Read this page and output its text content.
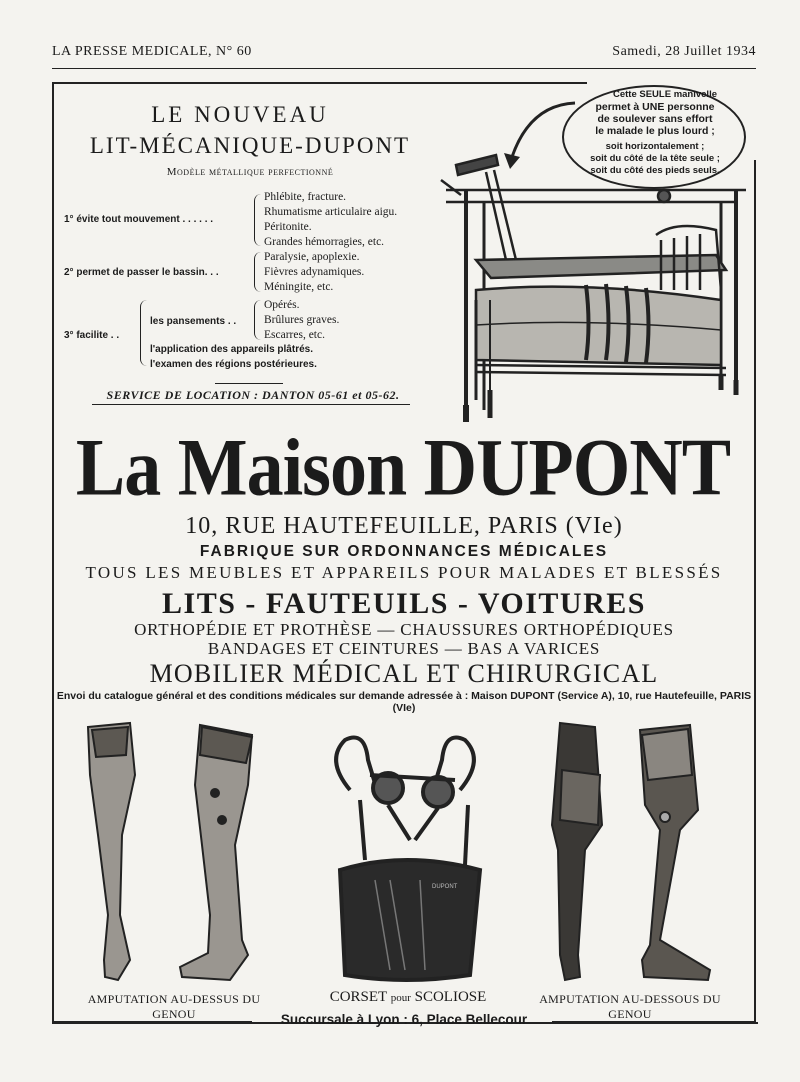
LA PRESSE MEDICALE, N° 60	Samedi, 28 Juillet 1934
LE NOUVEAU
LIT-MÉCANIQUE-DUPONT
Modèle métallique perfectionné
1° évite tout mouvement . . . . . .
Phlébite, fracture.
Rhumatisme articulaire aigu.
Péritonite.
Grandes hémorragies, etc.
2° permet de passer le bassin. . .
Paralysie, apoplexie.
Fièvres adynamiques.
Méningite, etc.
3° facilite . .
les pansements . .
Opérés.
Brûlures graves.
Escarres, etc.
l'application des appareils plâtrés.
l'examen des régions postérieures.
SERVICE DE LOCATION : DANTON 05-61 et 05-62.
Cette SEULE manivelle
permet à UNE personne
de soulever sans effort
le malade le plus lourd ;
soit horizontalement ;
soit du côté de la tête seule ;
soit du côté des pieds seuls.
La Maison DUPONT
10, RUE HAUTEFEUILLE, PARIS (VIe)
FABRIQUE SUR ORDONNANCES MÉDICALES
TOUS LES MEUBLES ET APPAREILS POUR MALADES ET BLESSÉS
LITS - FAUTEUILS - VOITURES
ORTHOPÉDIE ET PROTHÈSE — CHAUSSURES ORTHOPÉDIQUES
BANDAGES ET CEINTURES — BAS A VARICES
MOBILIER MÉDICAL ET CHIRURGICAL
Envoi du catalogue général et des conditions médicales sur demande adressée à : Maison DUPONT (Service A), 10, rue Hautefeuille, PARIS (VIe)
DUPONT
AMPUTATION AU-DESSUS DU GENOU
CORSET pour SCOLIOSE	AMPUTATION AU-DESSOUS DU GENOU
Succursale à Lyon : 6, Place Bellecour
